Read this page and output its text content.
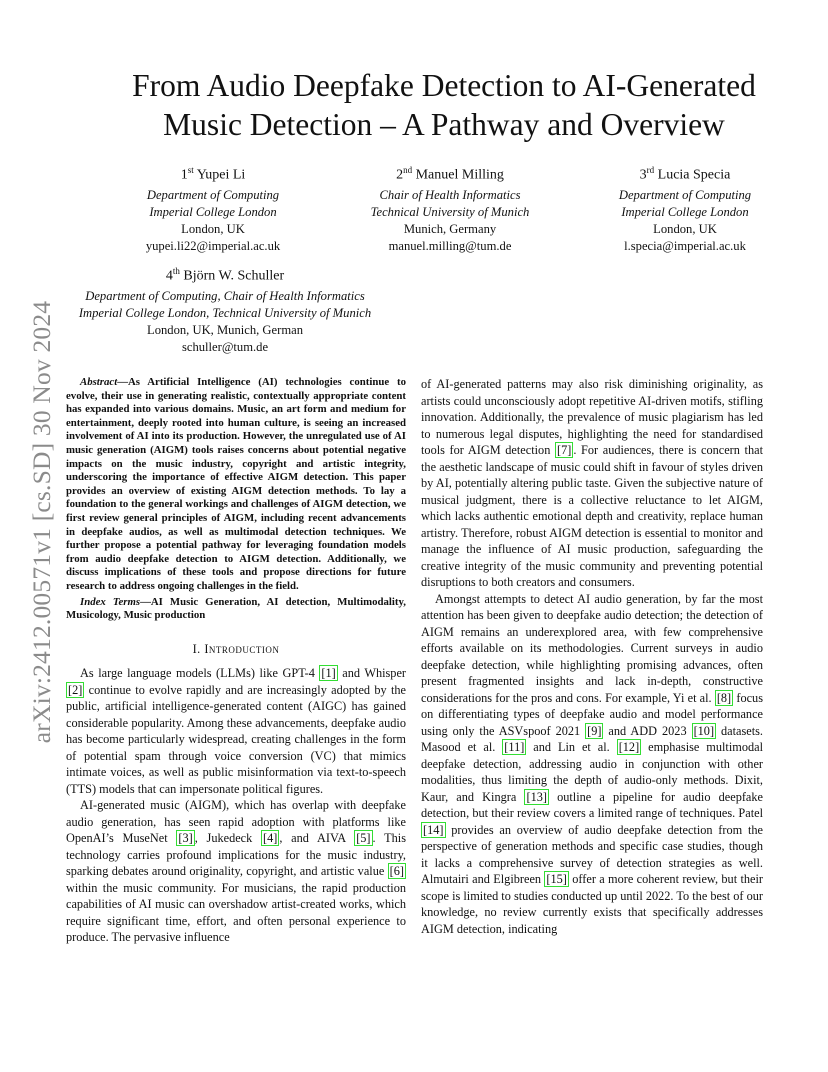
arXiv:2412.00571v1 [cs.SD] 30 Nov 2024
From Audio Deepfake Detection to AI-Generated Music Detection – A Pathway and Overview
1st Yupei Li
Department of Computing
Imperial College London
London, UK
yupei.li22@imperial.ac.uk
2nd Manuel Milling
Chair of Health Informatics
Technical University of Munich
Munich, Germany
manuel.milling@tum.de
3rd Lucia Specia
Department of Computing
Imperial College London
London, UK
l.specia@imperial.ac.uk
4th Björn W. Schuller
Department of Computing, Chair of Health Informatics
Imperial College London, Technical University of Munich
London, UK, Munich, German
schuller@tum.de

Abstract—As Artificial Intelligence (AI) technologies continue to evolve, their use in generating realistic, contextually appropriate content has expanded into various domains. Music, an art form and medium for entertainment, deeply rooted into human culture, is seeing an increased involvement of AI into its production. However, the unregulated use of AI music generation (AIGM) tools raises concerns about potential negative impacts on the music industry, copyright and artistic integrity, underscoring the importance of effective AIGM detection. This paper provides an overview of existing AIGM detection methods. To lay a foundation to the general workings and challenges of AIGM detection, we first review general principles of AIGM, including recent advancements in deepfake audios, as well as multimodal detection techniques. We further propose a potential pathway for leveraging foundation models from audio deepfake detection to AIGM detection. Additionally, we discuss implications of these tools and propose directions for future research to address ongoing challenges in the field.

Index Terms—AI Music Generation, AI detection, Multimodality, Musicology, Music production

I. Introduction

As large language models (LLMs) like GPT-4 [1] and Whisper [2] continue to evolve rapidly and are increasingly adopted by the public, artificial intelligence-generated content (AIGC) has gained considerable popularity. Among these advancements, deepfake audio has become particularly widespread, creating challenges in the form of potential spam through voice conversion (VC) that mimics intimate voices, as well as public misinformation via text-to-speech (TTS) models that can impersonate political figures.

AI-generated music (AIGM), which has overlap with deepfake audio generation, has seen rapid adoption with platforms like OpenAI’s MuseNet [3] , Jukedeck [4] , and AIVA [5] . This technology carries profound implications for the music industry, sparking debates around originality, copyright, and artistic value [6] within the music community. For musicians, the rapid production capabilities of AI music can overshadow artist-created works, which require significant time, effort, and often personal experience to produce. The pervasive influence

of AI-generated patterns may also risk diminishing originality, as artists could unconsciously adopt repetitive AI-driven motifs, stifling innovation. Additionally, the prevalence of music plagiarism has led to numerous legal disputes, highlighting the need for standardised tools for AIGM detection [7] . For audiences, there is concern that the aesthetic landscape of music could shift in favour of styles driven by AI, potentially altering public taste. Given the subjective nature of musical judgment, there is a collective reluctance to let AIGM, which lacks authentic emotional depth and creativity, replace human artistry. Therefore, robust AIGM detection is essential to monitor and manage the influence of AI music production, safeguarding the creative integrity of the music community and preventing potential disruptions to both creators and consumers.

Amongst attempts to detect AI audio generation, by far the most attention has been given to deepfake audio detection; the detection of AIGM remains an underexplored area, with few comprehensive efforts available on its methodologies. Current surveys in audio deepfake detection, while highlighting promising advances, often present fragmented insights and lack in-depth, constructive considerations for the pros and cons. For example, Yi et al. [8] focus on differentiating types of deepfake audio and model performance using only the ASVspoof 2021 [9] and ADD 2023 [10] datasets. Masood et al. [11] and Lin et al. [12] emphasise multimodal deepfake detection, addressing audio in conjunction with other modalities, thus limiting the depth of audio-only methods. Dixit, Kaur, and Kingra [13] outline a pipeline for audio deepfake detection, but their review covers a limited range of techniques. Patel [14] provides an overview of audio deepfake detection from the perspective of generation methods and specific case studies, though it lacks a comprehensive survey of detection strategies as well. Almutairi and Elgibreen [15] offer a more coherent review, but their scope is limited to studies conducted up until 2022. To the best of our knowledge, no review currently exists that specifically addresses AIGM detection, indicating
